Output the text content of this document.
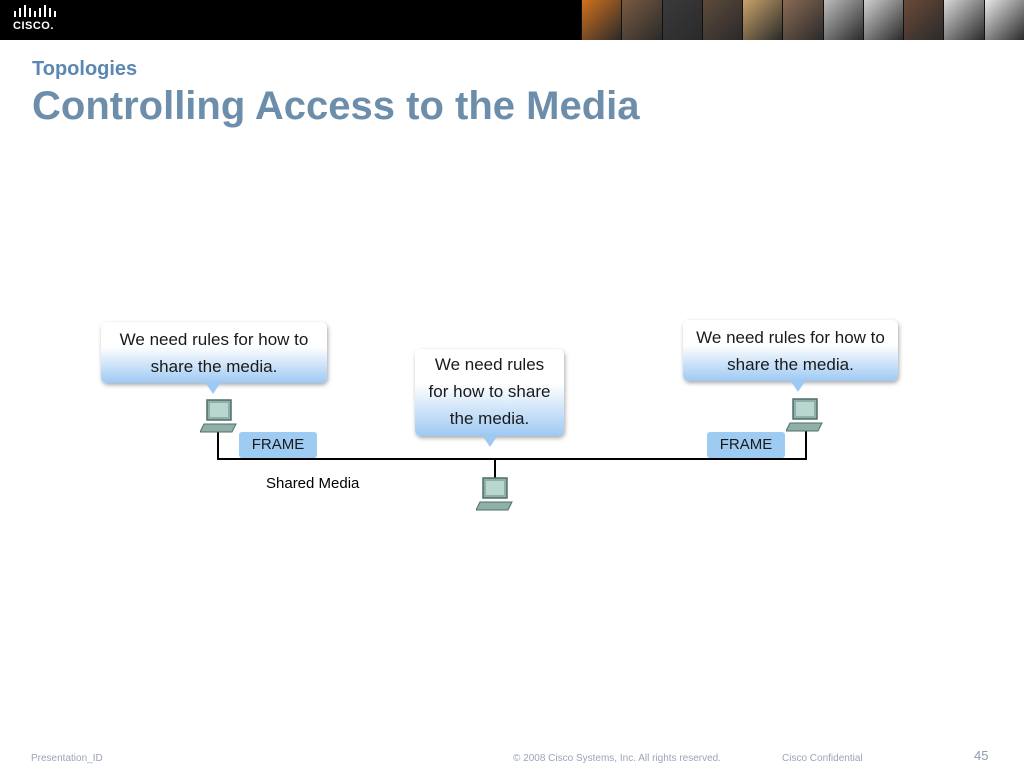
CISCO.
Topologies
Controlling Access to the Media
We need rules for how to
share the media.	We need rules
for how to share
the media.
We need rules for how to
share the media.
FRAME	FRAME
Shared Media
Presentation_ID	© 2008 Cisco Systems, Inc. All rights reserved.	Cisco Confidential	45
